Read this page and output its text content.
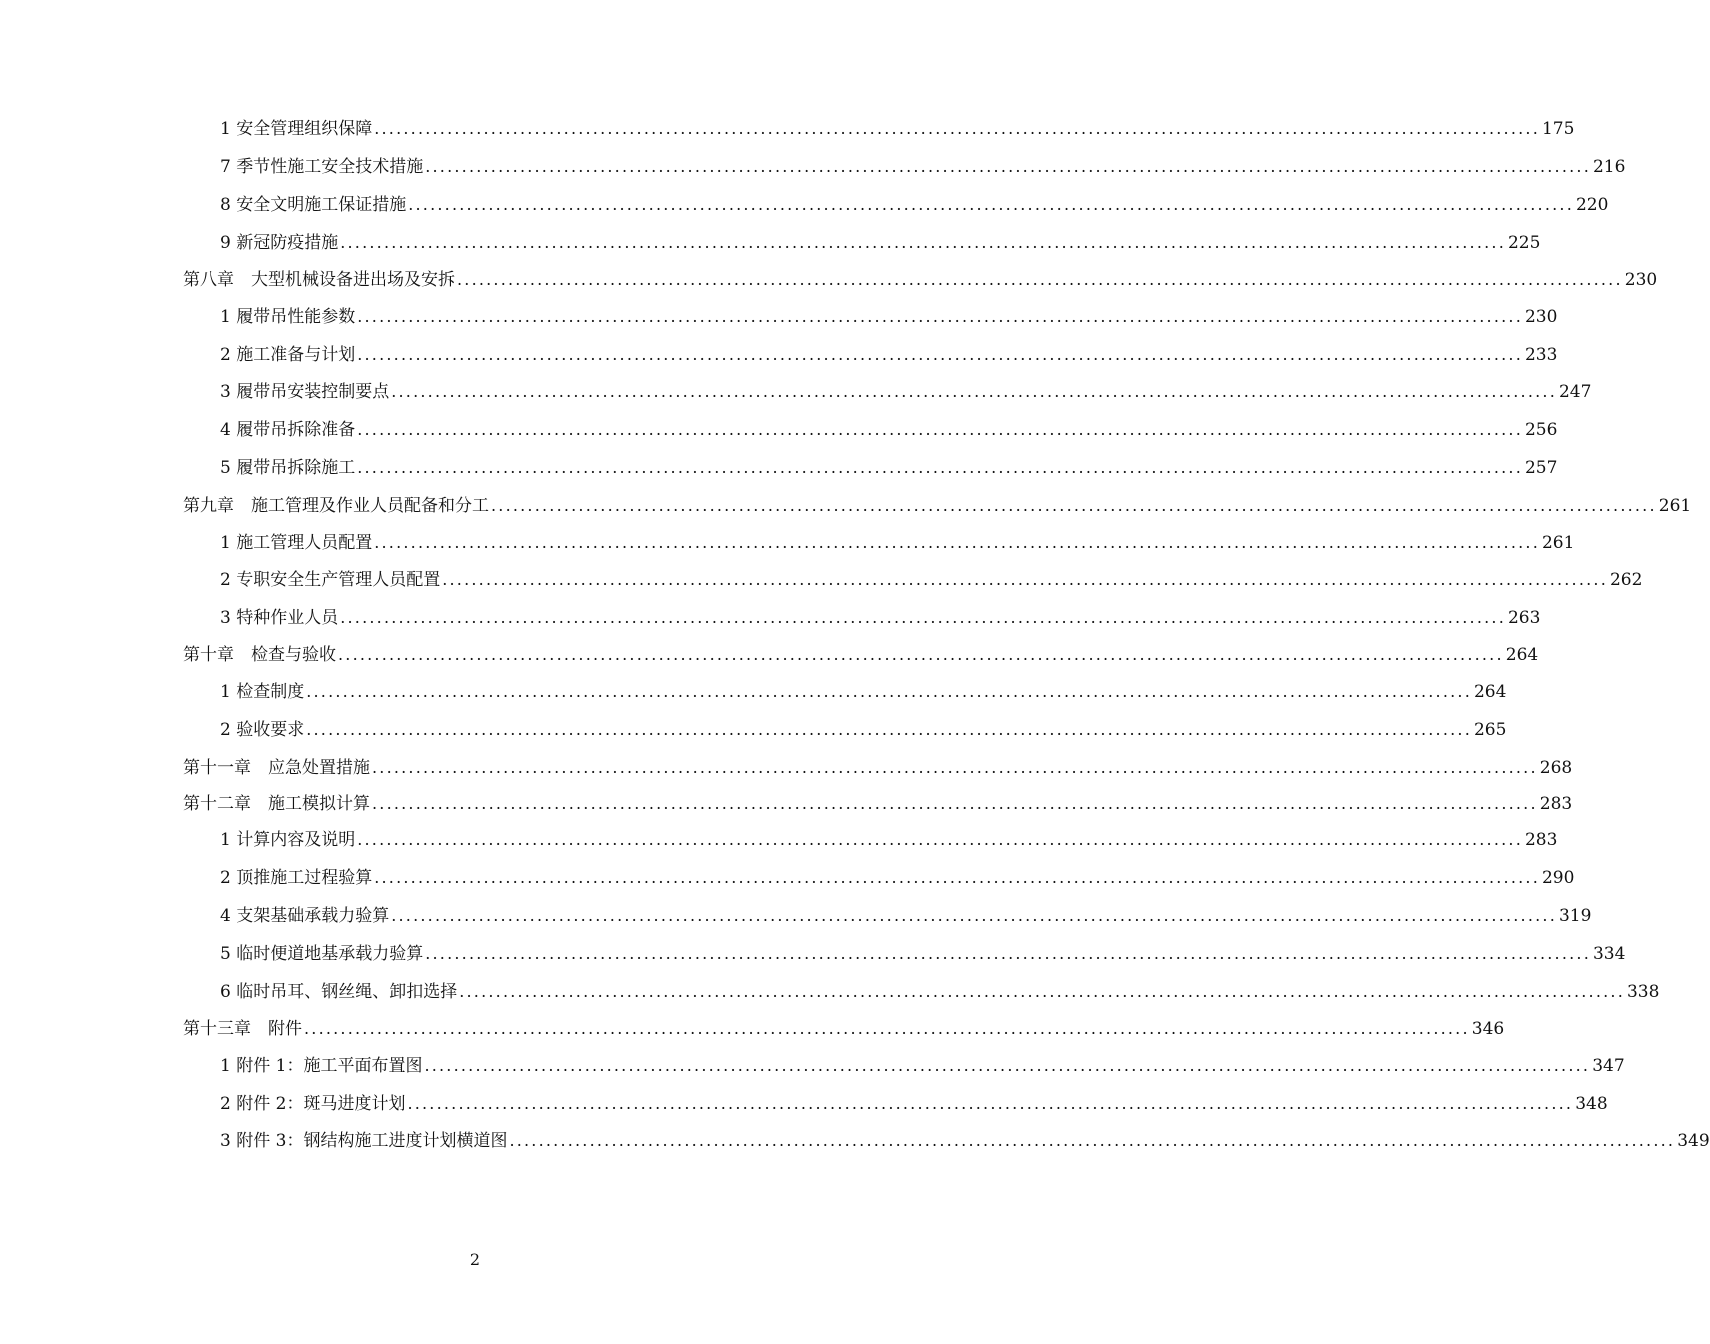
1 安全管理组织保障 ................................................................................................................................................................ 175
7 季节性施工安全技术措施 ................................................................................................................................................................ 216
8 安全文明施工保证措施 ................................................................................................................................................................ 220
9 新冠防疫措施 ................................................................................................................................................................ 225
第八章　大型机械设备进出场及安拆 ................................................................................................................................................................ 230
1 履带吊性能参数 ................................................................................................................................................................ 230
2 施工准备与计划 ................................................................................................................................................................ 233
3 履带吊安装控制要点 ................................................................................................................................................................ 247
4 履带吊拆除准备 ................................................................................................................................................................ 256
5 履带吊拆除施工 ................................................................................................................................................................ 257
第九章　施工管理及作业人员配备和分工 ................................................................................................................................................................ 261
1 施工管理人员配置 ................................................................................................................................................................ 261
2 专职安全生产管理人员配置 ................................................................................................................................................................ 262
3 特种作业人员 ................................................................................................................................................................ 263
第十章　检查与验收 ................................................................................................................................................................ 264
1 检查制度 ................................................................................................................................................................ 264
2 验收要求 ................................................................................................................................................................ 265
第十一章　应急处置措施 ................................................................................................................................................................ 268
第十二章　施工模拟计算 ................................................................................................................................................................ 283
1 计算内容及说明 ................................................................................................................................................................ 283
2 顶推施工过程验算 ................................................................................................................................................................ 290
4 支架基础承载力验算 ................................................................................................................................................................ 319
5 临时便道地基承载力验算 ................................................................................................................................................................ 334
6 临时吊耳、钢丝绳、卸扣选择 ................................................................................................................................................................ 338
第十三章　附件 ................................................................................................................................................................ 346
1 附件 1：施工平面布置图 ................................................................................................................................................................ 347
2 附件 2：斑马进度计划 ................................................................................................................................................................ 348
3 附件 3：钢结构施工进度计划横道图 ................................................................................................................................................................ 349
2
